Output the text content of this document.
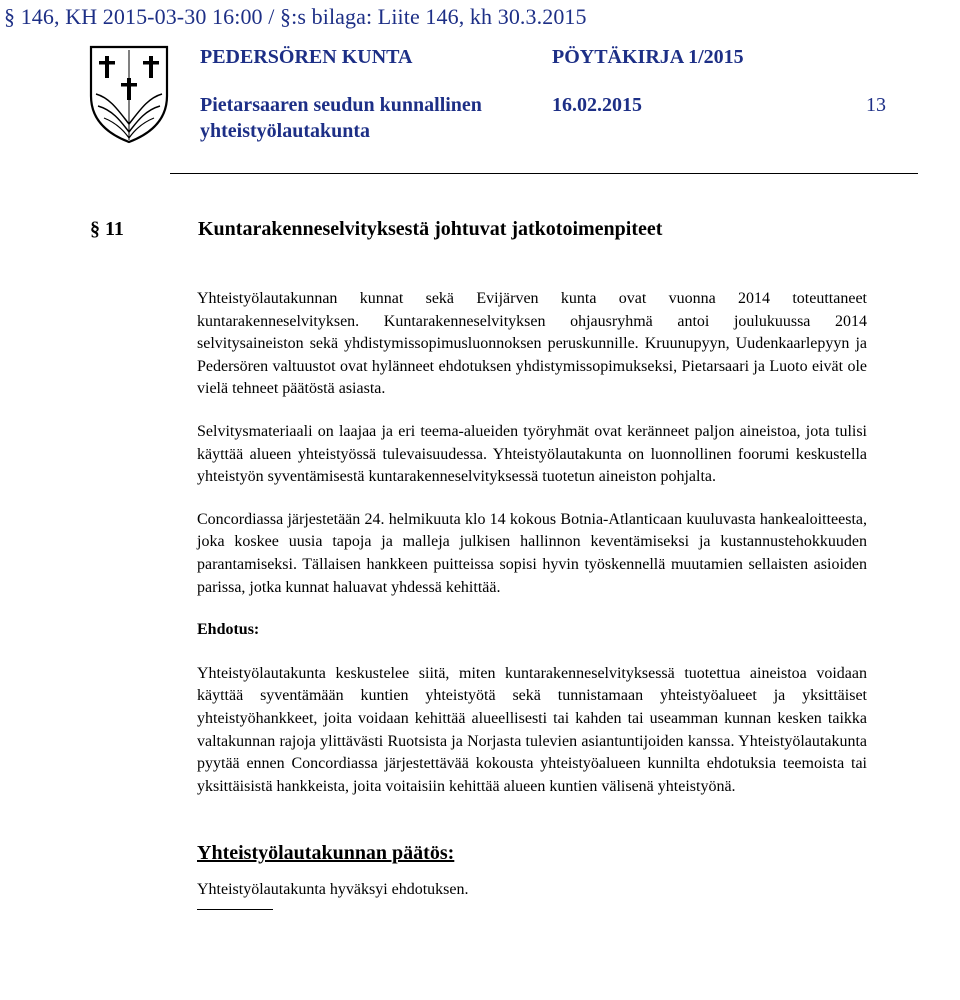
§ 146, KH 2015-03-30 16:00 / §:s bilaga: Liite 146, kh 30.3.2015
PEDERSÖREN KUNTA	PÖYTÄKIRJA 1/2015
Pietarsaaren seudun kunnallinen
yhteistyölautakunta
16.02.2015	13
§ 11	Kuntarakenneselvityksestä johtuvat jatkotoimenpiteet

Yhteistyölautakunnan kunnat sekä Evijärven kunta ovat vuonna 2014 toteuttaneet kuntarakenneselvityksen. Kuntarakenneselvityksen ohjausryhmä antoi joulukuussa 2014 selvitysaineiston sekä yhdistymissopimusluonnoksen peruskunnille. Kruunupyyn, Uudenkaarlepyyn ja Pedersören valtuustot ovat hylänneet ehdotuksen yhdistymissopimukseksi, Pietarsaari ja Luoto eivät ole vielä tehneet päätöstä asiasta.

Selvitysmateriaali on laajaa ja eri teema-alueiden työryhmät ovat keränneet paljon aineistoa, jota tulisi käyttää alueen yhteistyössä tulevaisuudessa. Yhteistyölautakunta on luonnollinen foorumi keskustella yhteistyön syventämisestä kuntarakenneselvityksessä tuotetun aineiston pohjalta.

Concordiassa järjestetään 24. helmikuuta klo 14 kokous Botnia-Atlanticaan kuuluvasta hankealoitteesta, joka koskee uusia tapoja ja malleja julkisen hallinnon keventämiseksi ja kustannustehokkuuden parantamiseksi. Tällaisen hankkeen puitteissa sopisi hyvin työskennellä muutamien sellaisten asioiden parissa, jotka kunnat haluavat yhdessä kehittää.

Ehdotus:

Yhteistyölautakunta keskustelee siitä, miten kuntarakenneselvityksessä tuotettua aineistoa voidaan käyttää syventämään kuntien yhteistyötä sekä tunnistamaan yhteistyöalueet ja yksittäiset yhteistyöhankkeet, joita voidaan kehittää alueellisesti tai kahden tai useamman kunnan kesken taikka valtakunnan rajoja ylittävästi Ruotsista ja Norjasta tulevien asiantuntijoiden kanssa. Yhteistyölautakunta pyytää ennen Concordiassa järjestettävää kokousta yhteistyöalueen kunnilta ehdotuksia teemoista tai yksittäisistä hankkeista, joita voitaisiin kehittää alueen kuntien välisenä yhteistyönä.

Yhteistyölautakunnan päätös:

Yhteistyölautakunta hyväksyi ehdotuksen.
